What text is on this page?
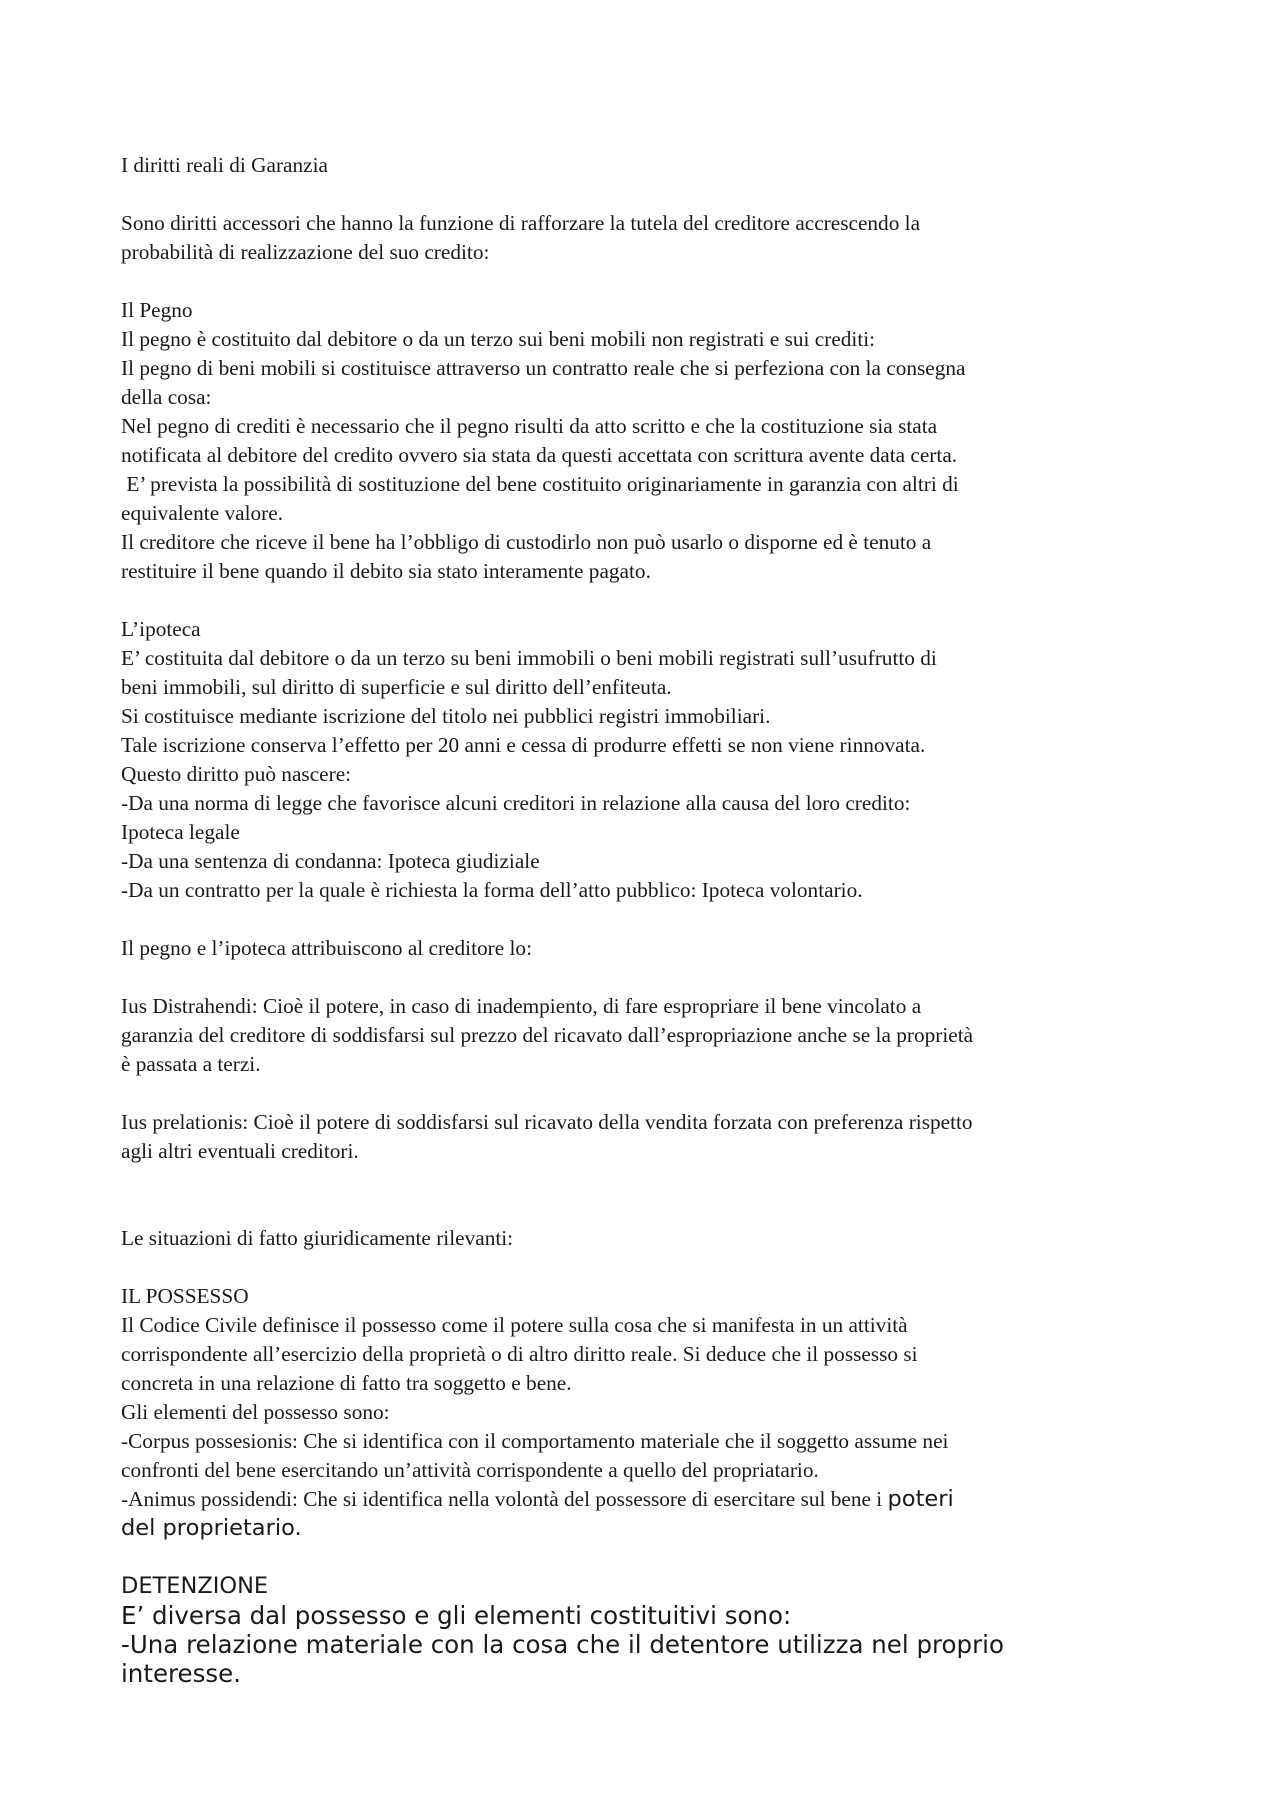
I diritti reali di Garanzia
Sono diritti accessori che hanno la funzione di rafforzare la tutela del creditore accrescendo la
probabilità di realizzazione del suo credito:
Il Pegno
Il pegno è costituito dal debitore o da un terzo sui beni mobili non registrati e sui crediti:
Il pegno di beni mobili si costituisce attraverso un contratto reale che si perfeziona con la consegna
della cosa:
Nel pegno di crediti è necessario che il pegno risulti da atto scritto e che la costituzione sia stata
notificata al debitore del credito ovvero sia stata da questi accettata con scrittura avente data certa.
E’ prevista la possibilità di sostituzione del bene costituito originariamente in garanzia con altri di
equivalente valore.
Il creditore che riceve il bene ha l’obbligo di custodirlo non può usarlo o disporne ed è tenuto a
restituire il bene quando il debito sia stato interamente pagato.
L’ipoteca
E’ costituita dal debitore o da un terzo su beni immobili o beni mobili registrati sull’usufrutto di
beni immobili, sul diritto di superficie e sul diritto dell’enfiteuta.
Si costituisce mediante iscrizione del titolo nei pubblici registri immobiliari.
Tale iscrizione conserva l’effetto per 20 anni e cessa di produrre effetti se non viene rinnovata.
Questo diritto può nascere:
-Da una norma di legge che favorisce alcuni creditori in relazione alla causa del loro credito:
Ipoteca legale
-Da una sentenza di condanna: Ipoteca giudiziale
-Da un contratto per la quale è richiesta la forma dell’atto pubblico: Ipoteca volontario.
Il pegno e l’ipoteca attribuiscono al creditore lo:
Ius Distrahendi: Cioè il potere, in caso di inadempiento, di fare espropriare il bene vincolato a
garanzia del creditore di soddisfarsi sul prezzo del ricavato dall’espropriazione anche se la proprietà
è passata a terzi.
Ius prelationis: Cioè il potere di soddisfarsi sul ricavato della vendita forzata con preferenza rispetto
agli altri eventuali creditori.
Le situazioni di fatto giuridicamente rilevanti:
IL POSSESSO
Il Codice Civile definisce il possesso come il potere sulla cosa che si manifesta in un attività
corrispondente all’esercizio della proprietà o di altro diritto reale. Si deduce che il possesso si
concreta in una relazione di fatto tra soggetto e bene.
Gli elementi del possesso sono:
-Corpus possesionis: Che si identifica con il comportamento materiale che il soggetto assume nei
confronti del bene esercitando un’attività corrispondente a quello del propriatario.
-Animus possidendi: Che si identifica nella volontà del possessore di esercitare sul bene i poteri
del proprietario.
DETENZIONE
E’ diversa dal possesso e gli elementi costituitivi sono:
-Una relazione materiale con la cosa che il detentore utilizza nel proprio
interesse.
